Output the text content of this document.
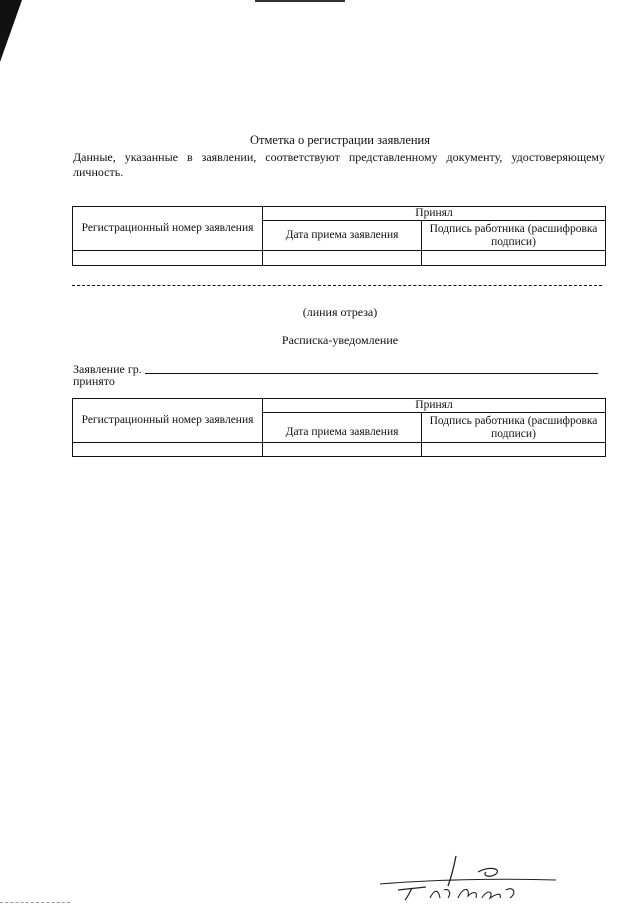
Отметка о регистрации заявления
Данные, указанные в заявлении, соответствуют представленному документу, удостоверяющему личность.
Регистрационный номер заявления	Принял	
	Дата приема заявления	Подпись работника (расшифровка подписи)

(линия отреза)
Расписка-уведомление
Заявление гр.
принято
Регистрационный номер заявления	Принял	
	Дата приема заявления	Подпись работника (расшифровка подписи)
